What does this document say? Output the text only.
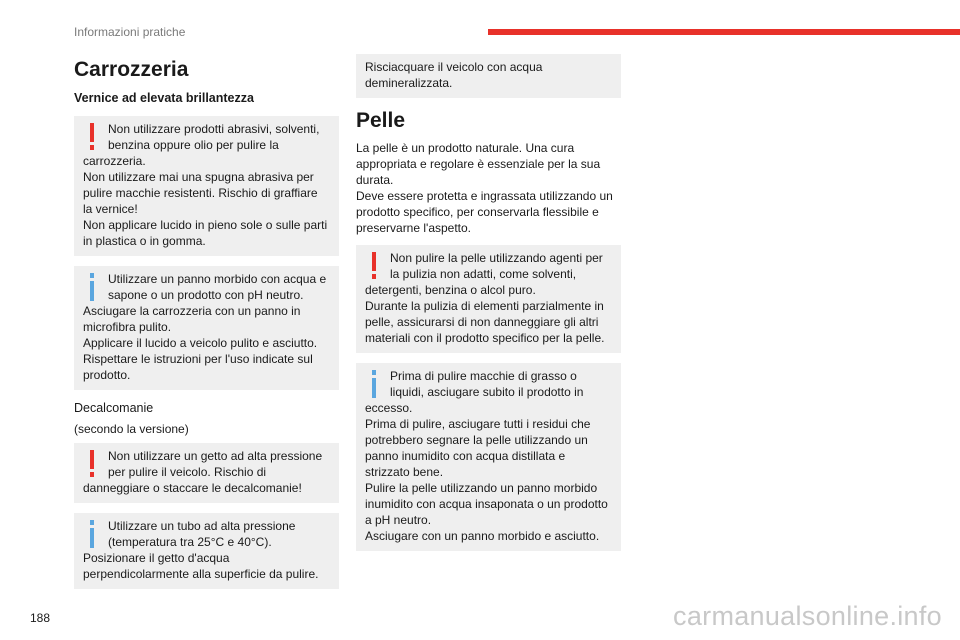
Informazioni pratiche
Carrozzeria
Vernice ad elevata brillantezza

Non utilizzare prodotti abrasivi, solventi, benzina oppure olio per pulire la

carrozzeria.

Non utilizzare mai una spugna abrasiva per pulire macchie resistenti. Rischio di graffiare la vernice!

Non applicare lucido in pieno sole o sulle parti in plastica o in gomma.

Utilizzare un panno morbido con acqua e sapone o un prodotto con pH neutro.

Asciugare la carrozzeria con un panno in microfibra pulito.

Applicare il lucido a veicolo pulito e asciutto.

Rispettare le istruzioni per l'uso indicate sul prodotto.

Decalcomanie

(secondo la versione)

Non utilizzare un getto ad alta pressione per pulire il veicolo. Rischio di

danneggiare o staccare le decalcomanie!

Utilizzare un tubo ad alta pressione (temperatura tra 25°C e 40°C).

Posizionare il getto d'acqua perpendicolarmente alla superficie da pulire.

Risciacquare il veicolo con acqua demineralizzata.
Pelle

La pelle è un prodotto naturale. Una cura appropriata e regolare è essenziale per la sua durata.

Deve essere protetta e ingrassata utilizzando un prodotto specifico, per conservarla flessibile e preservarne l'aspetto.

Non pulire la pelle utilizzando agenti per la pulizia non adatti, come solventi,

detergenti, benzina o alcol puro.

Durante la pulizia di elementi parzialmente in pelle, assicurarsi di non danneggiare gli altri materiali con il prodotto specifico per la pelle.

Prima di pulire macchie di grasso o liquidi, asciugare subito il prodotto in

eccesso.

Prima di pulire, asciugare tutti i residui che potrebbero segnare la pelle utilizzando un panno inumidito con acqua distillata e strizzato bene.

Pulire la pelle utilizzando un panno morbido inumidito con acqua insaponata o un prodotto a pH neutro.

Asciugare con un panno morbido e asciutto.

188	carmanualsonline.info
